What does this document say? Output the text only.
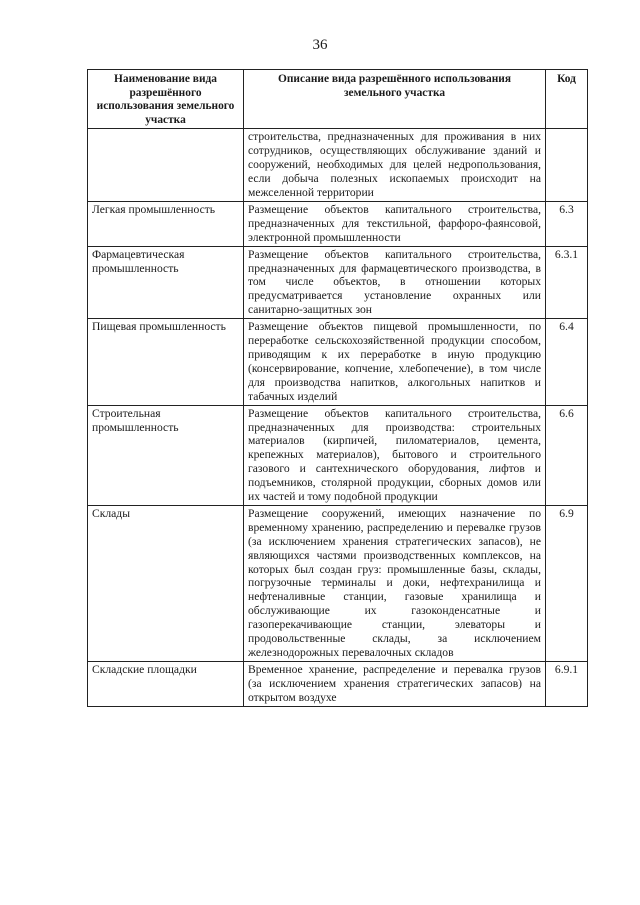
36
Наименование вида разрешённого использования земельного участка	Описание вида разрешённого использования земельного участка	Код
	строительства, предназначенных для проживания в них сотрудников, осуществляющих обслуживание зданий и сооружений, необходимых для целей недропользования, если добыча полезных ископаемых происходит на межселенной территории	
Легкая промышленность	Размещение объектов капитального строительства, предназначенных для текстильной, фарфоро-фаянсовой, электронной промышленности	6.3
Фармацевтическая промышленность	Размещение объектов капитального строительства, предназначенных для фармацевтического производства, в том числе объектов, в отношении которых предусматривается установление охранных или санитарно-защитных зон	6.3.1
Пищевая промышленность	Размещение объектов пищевой промышленности, по переработке сельскохозяйственной продукции способом, приводящим к их переработке в иную продукцию (консервирование, копчение, хлебопечение), в том числе для производства напитков, алкогольных напитков и табачных изделий	6.4
Строительная промышленность	Размещение объектов капитального строительства, предназначенных для производства: строительных материалов (кирпичей, пиломатериалов, цемента, крепежных материалов), бытового и строительного газового и сантехнического оборудования, лифтов и подъемников, столярной продукции, сборных домов или их частей и тому подобной продукции	6.6
Склады	Размещение сооружений, имеющих назначение по временному хранению, распределению и перевалке грузов (за исключением хранения стратегических запасов), не являющихся частями производственных комплексов, на которых был создан груз: промышленные базы, склады, погрузочные терминалы и доки, нефтехранилища и нефтеналивные станции, газовые хранилища и обслуживающие их газоконденсатные и газоперекачивающие станции, элеваторы и продовольственные склады, за исключением железнодорожных перевалочных складов	6.9
Складские площадки	Временное хранение, распределение и перевалка грузов (за исключением хранения стратегических запасов) на открытом воздухе	6.9.1
